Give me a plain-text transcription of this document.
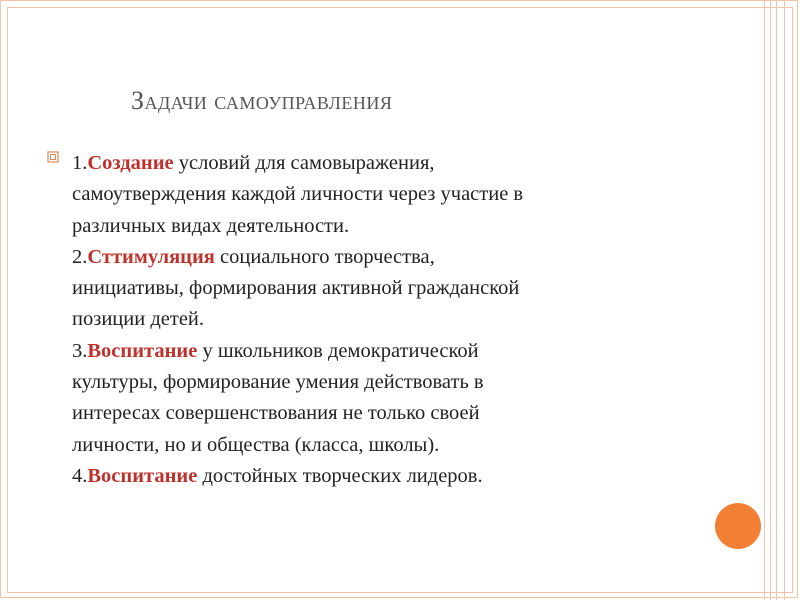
Задачи самоуправления
1.Создание условий для самовыражения,
самоутверждения каждой личности через участие в
различных видах деятельности.
2.Сттимуляция социального творчества,
инициативы, формирования активной гражданской
позиции детей.
3.Воспитание у школьников демократической
культуры, формирование умения действовать в
интересах совершенствования не только своей
личности, но и общества (класса, школы).
4.Воспитание достойных творческих лидеров.
